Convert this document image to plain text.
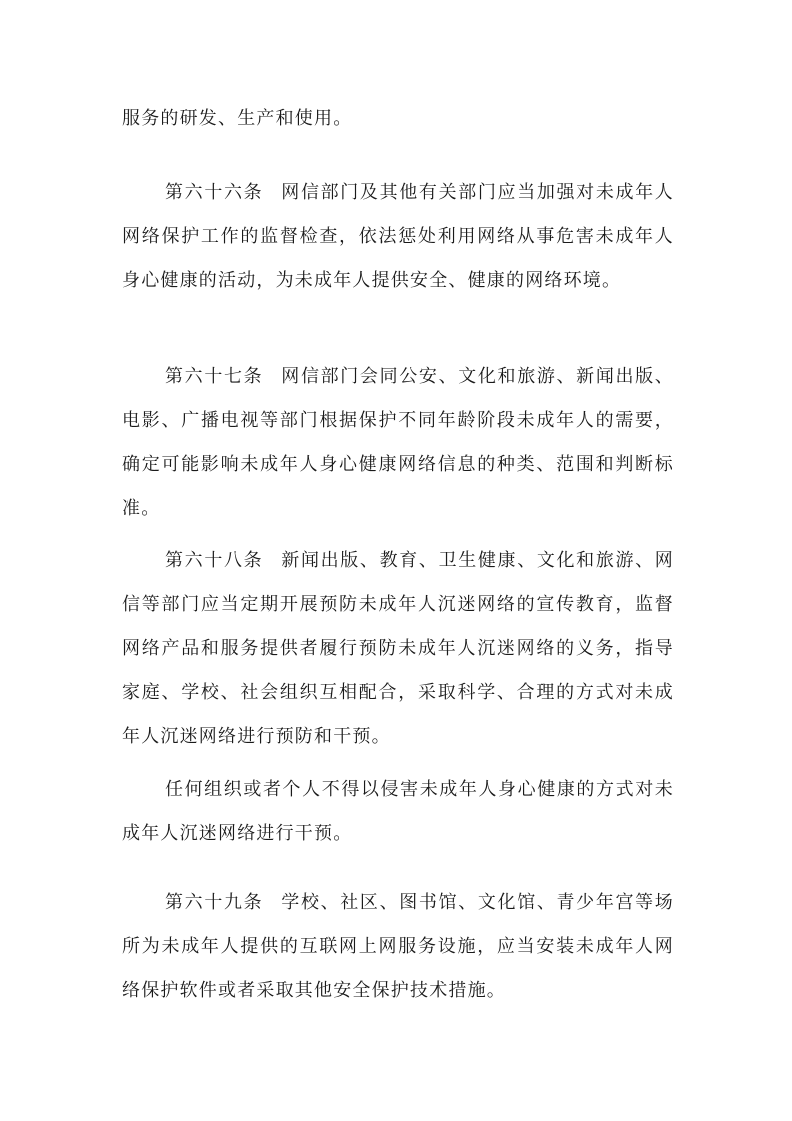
服务的研发、生产和使用。

第六十六条 网信部门及其他有关部门应当加强对未成年人网络保护工作的监督检查，依法惩处利用网络从事危害未成年人身心健康的活动，为未成年人提供安全、健康的网络环境。

第六十七条 网信部门会同公安、文化和旅游、新闻出版、电影、广播电视等部门根据保护不同年龄阶段未成年人的需要，确定可能影响未成年人身心健康网络信息的种类、范围和判断标准。

第六十八条 新闻出版、教育、卫生健康、文化和旅游、网信等部门应当定期开展预防未成年人沉迷网络的宣传教育，监督网络产品和服务提供者履行预防未成年人沉迷网络的义务，指导家庭、学校、社会组织互相配合，采取科学、合理的方式对未成年人沉迷网络进行预防和干预。

任何组织或者个人不得以侵害未成年人身心健康的方式对未成年人沉迷网络进行干预。

第六十九条 学校、社区、图书馆、文化馆、青少年宫等场所为未成年人提供的互联网上网服务设施，应当安装未成年人网络保护软件或者采取其他安全保护技术措施。
